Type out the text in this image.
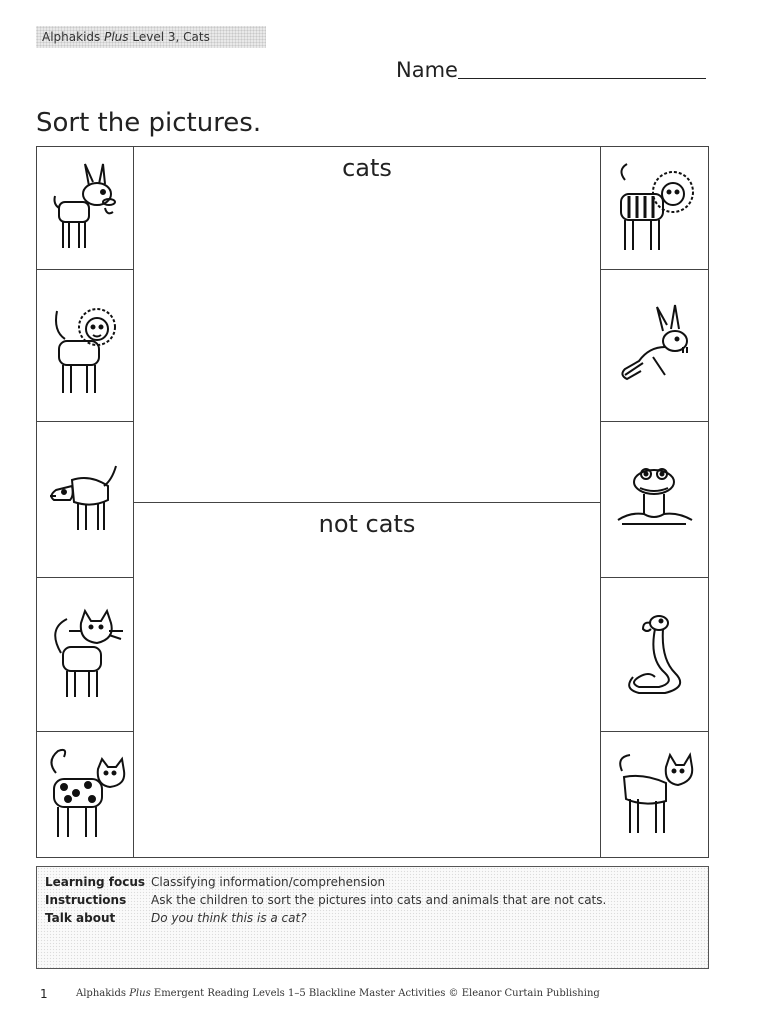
Alphakids Plus Level 3, Cats
Name
Sort the pictures.
cats
not cats
Learning focus Classifying information/comprehension
Instructions Ask the children to sort the pictures into cats and animals that are not cats.
Talk about	Do you think this is a cat?
1	Alphakids Plus Emergent Reading Levels 1–5 Blackline Master Activities © Eleanor Curtain Publishing
